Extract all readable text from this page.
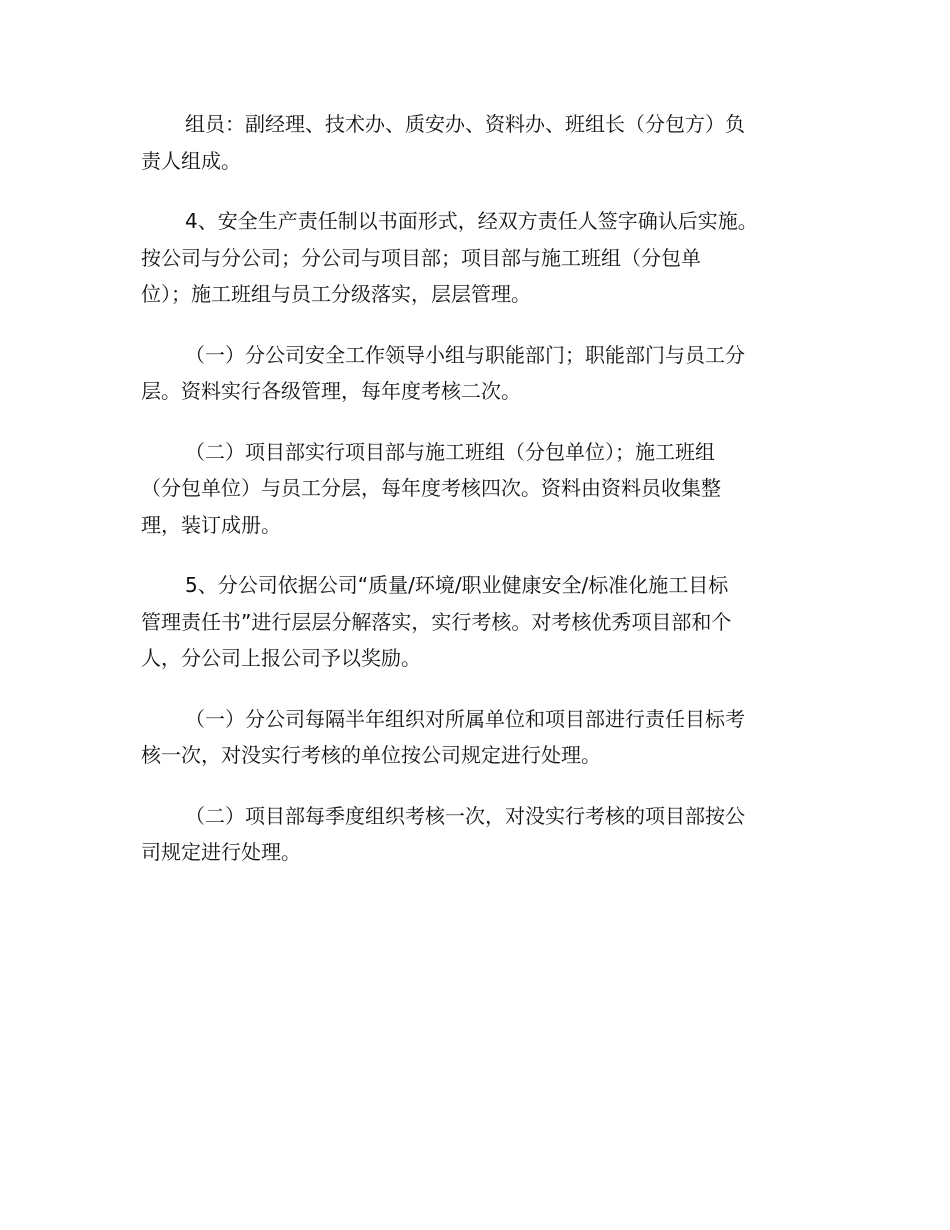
组员：副经理、技术办、质安办、资料办、班组长（分包方）负
责人组成。

4、安全生产责任制以书面形式，经双方责任人签字确认后实施。
按公司与分公司；分公司与项目部；项目部与施工班组（分包单
位）；施工班组与员工分级落实，层层管理。

（一）分公司安全工作领导小组与职能部门；职能部门与员工分
层。资料实行各级管理，每年度考核二次。

（二）项目部实行项目部与施工班组（分包单位）；施工班组
（分包单位）与员工分层，每年度考核四次。资料由资料员收集整
理，装订成册。

5、分公司依据公司“质量/环境/职业健康安全/标准化施工目标
管理责任书”进行层层分解落实，实行考核。对考核优秀项目部和个
人，分公司上报公司予以奖励。

（一）分公司每隔半年组织对所属单位和项目部进行责任目标考
核一次，对没实行考核的单位按公司规定进行处理。

（二）项目部每季度组织考核一次，对没实行考核的项目部按公
司规定进行处理。
